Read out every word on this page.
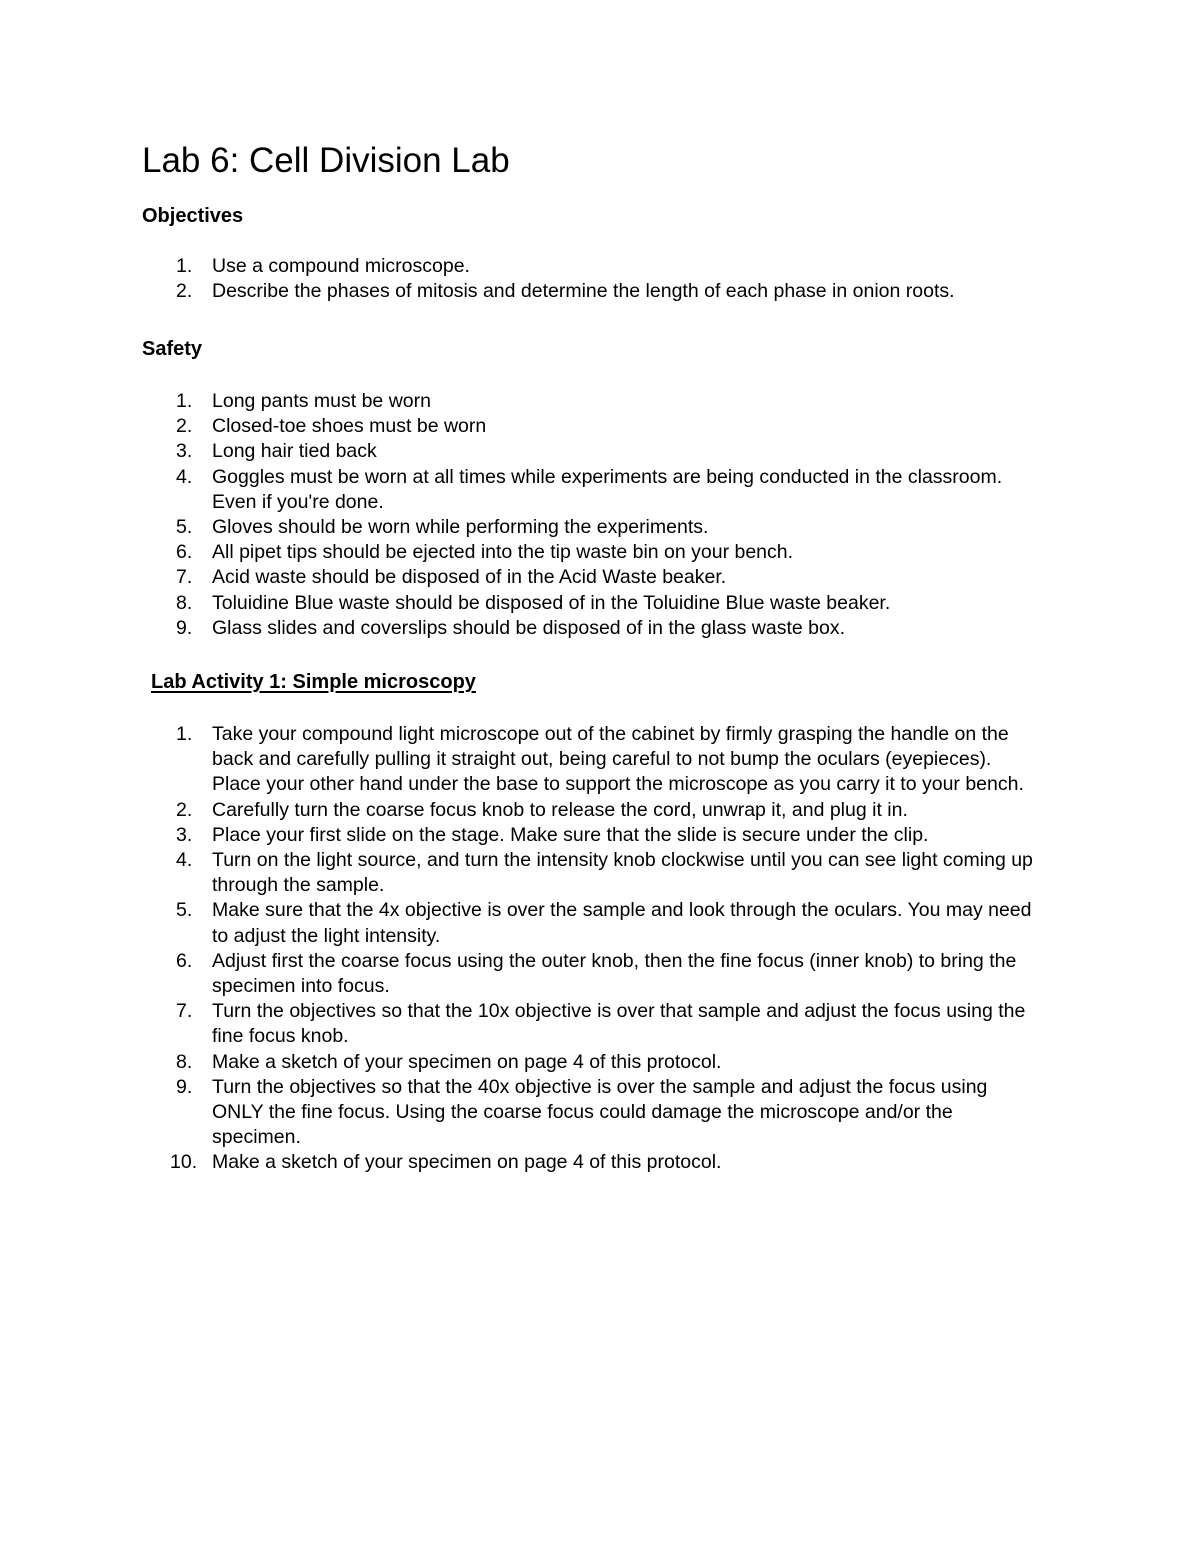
Lab 6: Cell Division Lab
Objectives
1. Use a compound microscope.
2. Describe the phases of mitosis and determine the length of each phase in onion roots.
Safety
1. Long pants must be worn
2. Closed-toe shoes must be worn
3. Long hair tied back
4. Goggles must be worn at all times while experiments are being conducted in the classroom. Even if you're done.
5. Gloves should be worn while performing the experiments.
6. All pipet tips should be ejected into the tip waste bin on your bench.
7. Acid waste should be disposed of in the Acid Waste beaker.
8. Toluidine Blue waste should be disposed of in the Toluidine Blue waste beaker.
9. Glass slides and coverslips should be disposed of in the glass waste box.
Lab Activity 1: Simple microscopy
1. Take your compound light microscope out of the cabinet by firmly grasping the handle on the back and carefully pulling it straight out, being careful to not bump the oculars (eyepieces). Place your other hand under the base to support the microscope as you carry it to your bench.
2. Carefully turn the coarse focus knob to release the cord, unwrap it, and plug it in.
3. Place your first slide on the stage. Make sure that the slide is secure under the clip.
4. Turn on the light source, and turn the intensity knob clockwise until you can see light coming up through the sample.
5. Make sure that the 4x objective is over the sample and look through the oculars. You may need to adjust the light intensity.
6. Adjust first the coarse focus using the outer knob, then the fine focus (inner knob) to bring the specimen into focus.
7. Turn the objectives so that the 10x objective is over that sample and adjust the focus using the fine focus knob.
8. Make a sketch of your specimen on page 4 of this protocol.
9. Turn the objectives so that the 40x objective is over the sample and adjust the focus using ONLY the fine focus. Using the coarse focus could damage the microscope and/or the specimen.
10. Make a sketch of your specimen on page 4 of this protocol.
